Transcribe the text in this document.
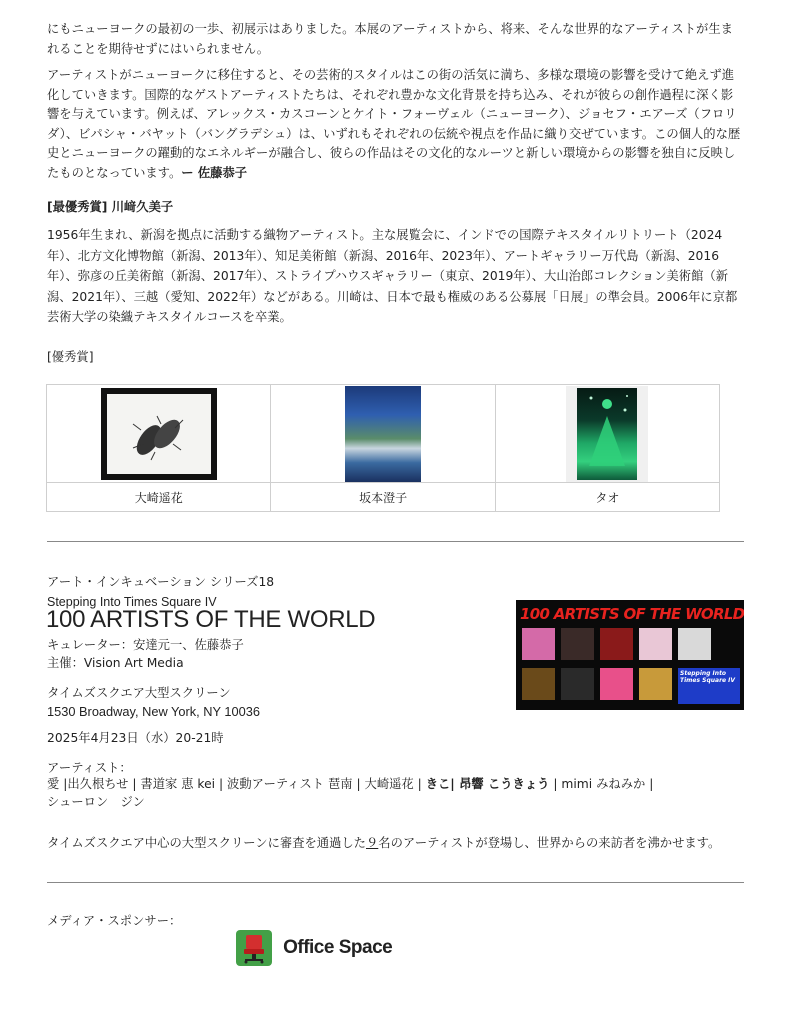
にもニューヨークの最初の一歩、初展示はありました。本展のアーティストから、将来、そんな世界的なアーティストが生まれることを期待せずにはいられません。

アーティストがニューヨークに移住すると、その芸術的スタイルはこの街の活気に満ち、多様な環境の影響を受けて絶えず進化していきます。国際的なゲストアーティストたちは、それぞれ豊かな文化背景を持ち込み、それが彼らの創作過程に深く影響を与えています。例えば、アレックス・カスコーンとケイト・フォーヴェル（ニューヨーク）、ジョセフ・エアーズ（フロリダ）、ビパシャ・バヤット（バングラデシュ）は、いずれもそれぞれの伝統や視点を作品に織り交ぜています。この個人的な歴史とニューヨークの躍動的なエネルギーが融合し、彼らの作品はその文化的なルーツと新しい環境からの影響を独自に反映したものとなっています。ー 佐藤恭子

[最優秀賞] 川﨑久美子

1956年生まれ、新潟を拠点に活動する織物アーティスト。主な展覧会に、インドでの国際テキスタイルリトリート（2024年）、北方文化博物館（新潟、2013年）、知足美術館（新潟、2016年、2023年）、アートギャラリー万代島（新潟、2016年）、弥彦の丘美術館（新潟、2017年）、ストライプハウスギャラリー（東京、2019年）、大山治郎コレクション美術館（新潟、2021年）、三越（愛知、2022年）などがある。川崎は、日本で最も権威のある公募展「日展」の準会員。2006年に京都芸術大学の染織テキスタイルコースを卒業。

[優秀賞]

大崎遥花	坂本澄子	タオ
アート・インキュベーション シリーズ18
Stepping Into Times Square IV
100 ARTISTS OF THE WORLD
キュレーター：安達元一、佐藤恭子
主催：Vision Art Media
タイムズスクエア大型スクリーン
1530 Broadway, New York, NY 10036
2025年4月23日（水）20-21時
アーティスト：
愛 |出久根ちせ | 書道家 恵 kei | 波動アーティスト 琶南 | 大崎遥花 | きこ| 昂響 こうきょう | mimi みねみか |
シューロン　ジン

タイムズスクエア中心の大型スクリーンに審査を通過した９名のアーティストが登場し、世界からの来訪者を沸かせます。

100 ARTISTS OF THE WORLD
Stepping Into Times Square IV
メディア・スポンサー：
Office Space
